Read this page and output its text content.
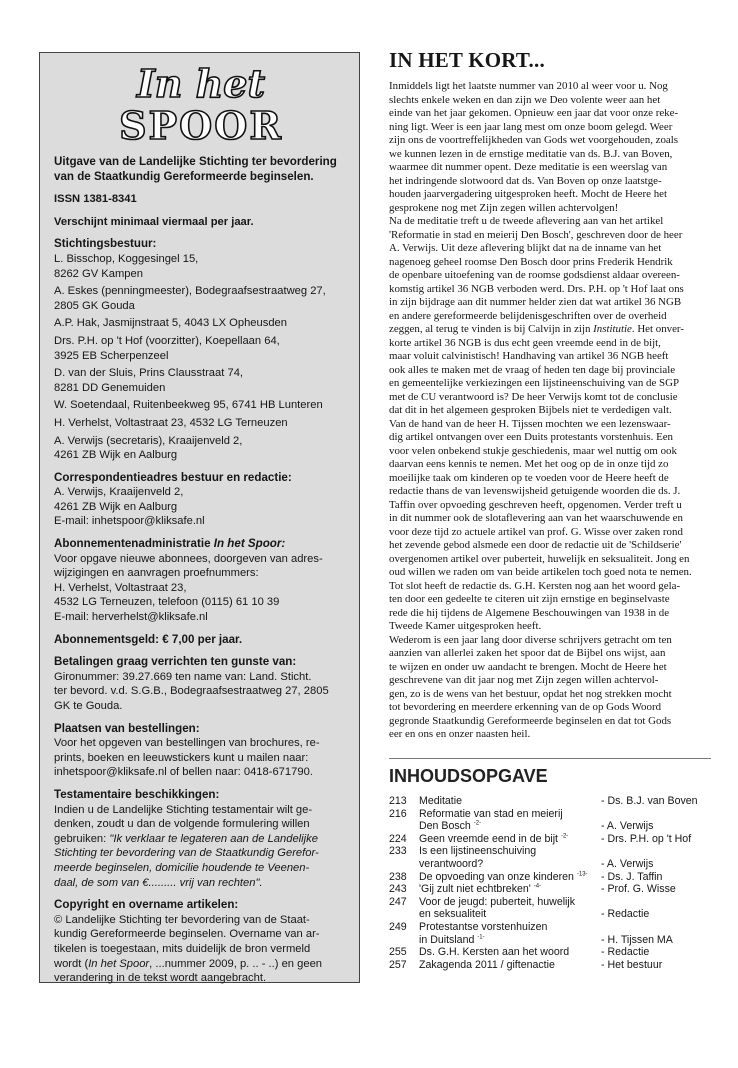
In het
SPOOR

Uitgave van de Landelijke Stichting ter bevordering van de Staatkundig Gereformeerde beginselen.

ISSN 1381-8341

Verschijnt minimaal viermaal per jaar.

Stichtingsbestuur:

L. Bisschop, Koggesingel 15,
8262 GV Kampen

A. Eskes (penningmeester), Bodegraafsestraatweg 27,
2805 GK Gouda

A.P. Hak, Jasmijnstraat 5, 4043 LX Opheusden

Drs. P.H. op 't Hof (voorzitter), Koepellaan 64,
3925 EB Scherpenzeel

D. van der Sluis, Prins Clausstraat 74,
8281 DD Genemuiden

W. Soetendaal, Ruitenbeekweg 95, 6741 HB Lunteren

H. Verhelst, Voltastraat 23, 4532 LG Terneuzen

A. Verwijs (secretaris), Kraaijenveld 2,
4261 ZB Wijk en Aalburg

Correspondentieadres bestuur en redactie:

A. Verwijs, Kraaijenveld 2,
4261 ZB Wijk en Aalburg
E-mail: inhetspoor@kliksafe.nl

Abonnementenadministratie In het Spoor:

Voor opgave nieuwe abonnees, doorgeven van adres-
wijzigingen en aanvragen proefnummers:
H. Verhelst, Voltastraat 23,
4532 LG Terneuzen, telefoon (0115) 61 10 39
E-mail: herverhelst@kliksafe.nl

Abonnementsgeld: € 7,00 per jaar.

Betalingen graag verrichten ten gunste van:

Gironummer: 39.27.669 ten name van: Land. Sticht.
ter bevord. v.d. S.G.B., Bodegraafsestraatweg 27, 2805
GK te Gouda.

Plaatsen van bestellingen:

Voor het opgeven van bestellingen van brochures, re-
prints, boeken en leeuwstickers kunt u mailen naar:
inhetspoor@kliksafe.nl of bellen naar: 0418-671790.

Testamentaire beschikkingen:

Indien u de Landelijke Stichting testamentair wilt ge-
denken, zoudt u dan de volgende formulering willen
gebruiken: "Ik verklaar te legateren aan de Landelijke
Stichting ter bevordering van de Staatkundig Gerefor-
meerde beginselen, domicilie houdende te Veenen-
daal, de som van €......... vrij van rechten".

Copyright en overname artikelen:

© Landelijke Stichting ter bevordering van de Staat-
kundig Gereformeerde beginselen. Overname van ar-
tikelen is toegestaan, mits duidelijk de bron vermeld
wordt (In het Spoor, ...nummer 2009, p. .. - ..) en geen
verandering in de tekst wordt aangebracht.

IN HET KORT...

Inmiddels ligt het laatste nummer van 2010 al weer voor u. Nog

slechts enkele weken en dan zijn we Deo volente weer aan het

einde van het jaar gekomen. Opnieuw een jaar dat voor onze reke-

ning ligt. Weer is een jaar lang mest om onze boom gelegd. Weer

zijn ons de voortreffelijkheden van Gods wet voorgehouden, zoals

we kunnen lezen in de ernstige meditatie van ds. B.J. van Boven,

waarmee dit nummer opent. Deze meditatie is een weerslag van

het indringende slotwoord dat ds. Van Boven op onze laatstge-

houden jaarvergadering uitgesproken heeft. Mocht de Heere het

gesprokene nog met Zijn zegen willen achtervolgen!

Na de meditatie treft u de tweede aflevering aan van het artikel

'Reformatie in stad en meierij Den Bosch', geschreven door de heer

A. Verwijs. Uit deze aflevering blijkt dat na de inname van het

nagenoeg geheel roomse Den Bosch door prins Frederik Hendrik

de openbare uitoefening van de roomse godsdienst aldaar overeen-

komstig artikel 36 NGB verboden werd. Drs. P.H. op 't Hof laat ons

in zijn bijdrage aan dit nummer helder zien dat wat artikel 36 NGB

en andere gereformeerde belijdenisgeschriften over de overheid

zeggen, al terug te vinden is bij Calvijn in zijn Institutie. Het onver-

korte artikel 36 NGB is dus echt geen vreemde eend in de bijt,

maar voluit calvinistisch! Handhaving van artikel 36 NGB heeft

ook alles te maken met de vraag of heden ten dage bij provinciale

en gemeentelijke verkiezingen een lijstineenschuiving van de SGP

met de CU verantwoord is? De heer Verwijs komt tot de conclusie

dat dit in het algemeen gesproken Bijbels niet te verdedigen valt.

Van de hand van de heer H. Tijssen mochten we een lezenswaar-

dig artikel ontvangen over een Duits protestants vorstenhuis. Een

voor velen onbekend stukje geschiedenis, maar wel nuttig om ook

daarvan eens kennis te nemen. Met het oog op de in onze tijd zo

moeilijke taak om kinderen op te voeden voor de Heere heeft de

redactie thans de van levenswijsheid getuigende woorden die ds. J.

Taffin over opvoeding geschreven heeft, opgenomen. Verder treft u

in dit nummer ook de slotaflevering aan van het waarschuwende en

voor deze tijd zo actuele artikel van prof. G. Wisse over zaken rond

het zevende gebod alsmede een door de redactie uit de 'Schildserie'

overgenomen artikel over puberteit, huwelijk en seksualiteit. Jong en

oud willen we raden om van beide artikelen toch goed nota te nemen.

Tot slot heeft de redactie ds. G.H. Kersten nog aan het woord gela-

ten door een gedeelte te citeren uit zijn ernstige en beginselvaste

rede die hij tijdens de Algemene Beschouwingen van 1938 in de

Tweede Kamer uitgesproken heeft.

Wederom is een jaar lang door diverse schrijvers getracht om ten

aanzien van allerlei zaken het spoor dat de Bijbel ons wijst, aan

te wijzen en onder uw aandacht te brengen. Mocht de Heere het

geschrevene van dit jaar nog met Zijn zegen willen achtervol-

gen, zo is de wens van het bestuur, opdat het nog strekken mocht

tot bevordering en meerdere erkenning van de op Gods Woord

gegronde Staatkundig Gereformeerde beginselen en dat tot Gods

eer en ons en onzer naasten heil.

INHOUDSOPGAVE
213 Meditatie	- Ds. B.J. van Boven
216 Reformatie van stad en meierij
Den Bosch $^{-2-}$	- A. Verwijs
224 Geen vreemde eend in de bijt $^{-2-}$	- Drs. P.H. op 't Hof
233 Is een lijstineenschuiving
verantwoord?	- A. Verwijs
238 De opvoeding van onze kinderen $^{-13-}$ - Ds. J. Taffin
243 'Gij zult niet echtbreken' $^{-4-}$	- Prof. G. Wisse
247 Voor de jeugd: puberteit, huwelijk
en seksualiteit	- Redactie
249 Protestantse vorstenhuizen
in Duitsland $^{-1-}$	- H. Tijssen MA
255 Ds. G.H. Kersten aan het woord	- Redactie
257 Zakagenda 2011 / giftenactie	- Het bestuur
